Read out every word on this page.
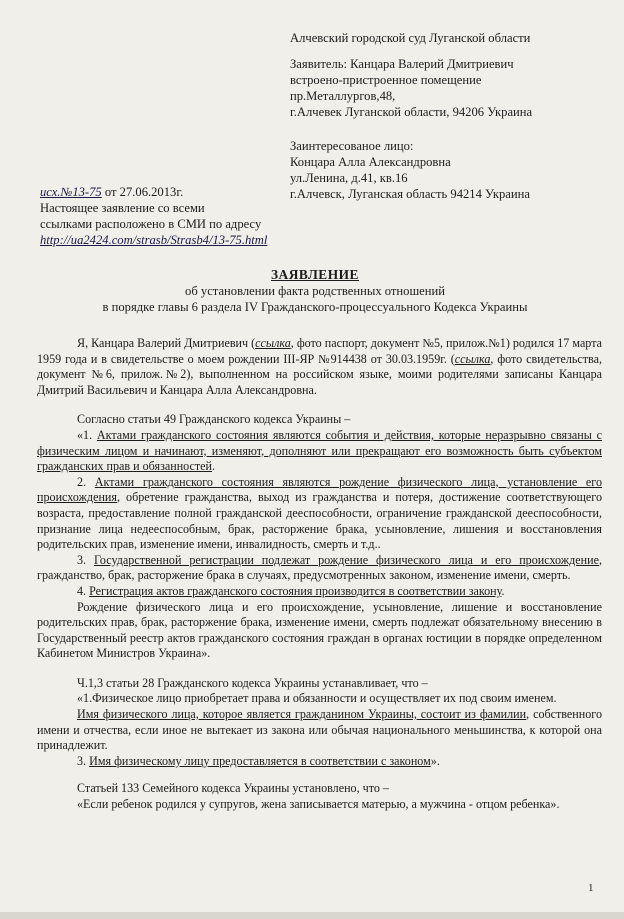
Алчевский городской суд Луганской области
Заявитель: Канцара Валерий Дмитриевич
встроено-пристроенное помещение
пр.Металлургов,48,
г.Алчевек Луганской области, 94206 Украина
Заинтересованое лицо:
Концара Алла Александровна
ул.Ленина, д.41, кв.16
г.Алчевск, Луганская область 94214 Украина
исх.№13-75 от 27.06.2013г.
Настоящее заявление со всеми
ссылками расположено в СМИ по адресу
http://ua2424.com/strasb/Strasb4/13-75.html
ЗАЯВЛЕНИЕ
об установлении факта родственных отношений
в порядке главы 6 раздела IV Гражданского-процессуального Кодекса Украины

Я, Канцара Валерий Дмитриевич (ссылка, фото паспорт, документ №5, прилож.№1) родился 17 марта 1959 года и в свидетельстве о моем рождении III-ЯР №914438 от 30.03.1959г. (ссылка, фото свидетельства, документ №6, прилож.№2), выполненном на российском языке, моими родителями записаны Канцара Дмитрий Васильевич и Канцара Алла Александровна.

Согласно статьи 49 Гражданского кодекса Украины –

«1. Актами гражданского состояния являются события и действия, которые неразрывно связаны с физическим лицом и начинают, изменяют, дополняют или прекращают его возможность быть субъектом гражданских прав и обязанностей.

2. Актами гражданского состояния являются рождение физического лица, установление его происхождения, обретение гражданства, выход из гражданства и потеря, достижение соответствующего возраста, предоставление полной гражданской дееспособности, ограничение гражданской дееспособности, признание лица недееспособным, брак, расторжение брака, усыновление, лишения и восстановления родительских прав, изменение имени, инвалидность, смерть и т.д..

3. Государственной регистрации подлежат рождение физического лица и его происхождение, гражданство, брак, расторжение брака в случаях, предусмотренных законом, изменение имени, смерть.

4. Регистрация актов гражданского состояния производится в соответствии закону.

Рождение физического лица и его происхождение, усыновление, лишение и восстановление родительских прав, брак, расторжение брака, изменение имени, смерть подлежат обязательному внесению в Государственный реестр актов гражданского состояния граждан в органах юстиции в порядке определенном Кабинетом Министров Украина».

Ч.1,3 статьи 28 Гражданского кодекса Украины устанавливает, что –

«1.Физическое лицо приобретает права и обязанности и осуществляет их под своим именем.

Имя физического лица, которое является гражданином Украины, состоит из фамилии, собственного имени и отчества, если иное не вытекает из закона или обычая национального меньшинства, к которой она принадлежит.

3. Имя физическому лицу предоставляется в соответствии с законом».

Статьей 133 Семейного кодекса Украины установлено, что –

«Если ребенок родился у супругов, жена записывается матерью, а мужчина - отцом ребенка».

1
